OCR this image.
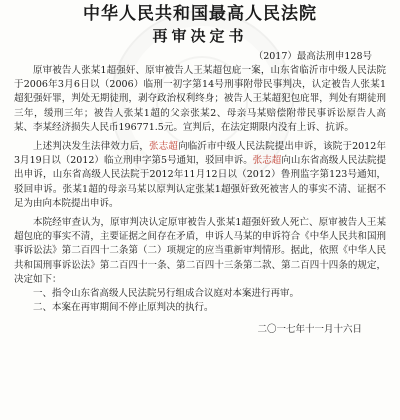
中华人民共和国最高人民法院
再审决定书
（2017）最高法刑申128号

原审被告人张某1超强奸、原审被告人王某超包庇一案，山东省临沂市中级人民法院于2006年3月6日以（2006）临刑一初字第14号刑事附带民事判决，认定被告人张某1超犯强奸罪，判处无期徒刑，剥夺政治权利终身；被告人王某超犯包庇罪，判处有期徒刑三年，缓刑三年；被告人张某1超的父亲张某2、母亲马某赔偿附带民事诉讼原告人高某、李某经济损失人民币196771.5元。宣判后，在法定期限内没有上诉、抗诉。

上述判决发生法律效力后，张志超向临沂市中级人民法院提出申诉，该院于2012年3月19日以（2012）临立刑申字第5号通知，驳回申诉。张志超向山东省高级人民法院提出申诉，山东省高级人民法院于2012年11月12日以（2012）鲁刑监字第123号通知，驳回申诉。张某1超的母亲马某以原判认定张某1超强奸致死被害人的事实不清、证据不足为由向本院提出申诉。

本院经审查认为，原审判决认定原审被告人张某1超强奸致人死亡、原审被告人王某超包庇的事实不清，主要证据之间存在矛盾，申诉人马某的申诉符合《中华人民共和国刑事诉讼法》第二百四十二条第（二）项规定的应当重新审判情形。据此，依照《中华人民共和国刑事诉讼法》第二百四十一条、第二百四十三条第二款、第二百四十四条的规定，决定如下：

一、指令山东省高级人民法院另行组成合议庭对本案进行再审。

二、本案在再审期间不停止原判决的执行。

二〇一七年十一月十六日
